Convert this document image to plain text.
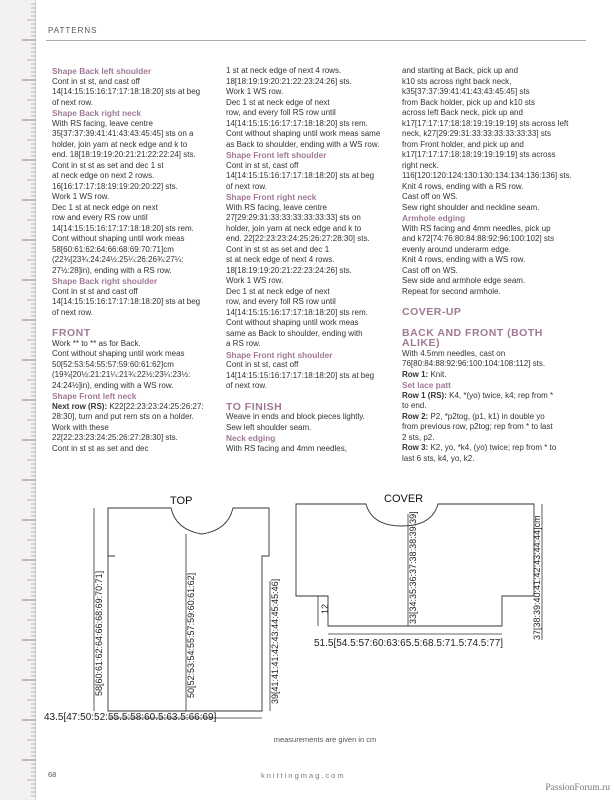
PATTERNS

Shape Back left shoulder

Cont in st st, and cast off
14[14:15:15:16:17:17:18:18:20] sts at beg
of next row.

Shape Back right neck

With RS facing, leave centre
35[37:37:39:41:41:43:43:45:45] sts on a
holder, join yarn at neck edge and k to
end. 18[18:19:19:20:21:21:22:22:24] sts.
Cont in st st as set and dec 1 st
at neck edge on next 2 rows.
16[16:17:17:18:19:19:20:20:22] sts.
Work 1 WS row.
Dec 1 st at neck edge on next
row and every RS row until
14[14:15:15:16:17:17:18:18:20] sts rem.
Cont without shaping until work meas
58[60:61:62:64:66:68:69:70:71]cm
(22¾[23¾:24:24½:25¼:26:26¾:27¼:
27½:28]in), ending with a RS row.

Shape Back right shoulder

Cont in st st and cast off
14[14:15:15:16:17:17:18:18:20] sts at beg
of next row.

FRONT

Work ** to ** as for Back.
Cont without shaping until work meas
50[52:53:54:55:57:59:60:61:62]cm
(19¾[20½:21:21¼:21¾:22½:23¼:23½:
24:24½]in), ending with a WS row.

Shape Front left neck

Next row (RS): K22[22:23:23:24:25:26:27:
28:30], turn and put rem sts on a holder.
Work with these
22[22:23:23:24:25:26:27:28:30] sts.
Cont in st st as set and dec

1 st at neck edge of next 4 rows.
18[18:19:19:20:21:22:23:24:26] sts.
Work 1 WS row.
Dec 1 st at neck edge of next
row, and every foll RS row until
14[14:15:15:16:17:17:18:18:20] sts rem.
Cont without shaping until work meas same
as Back to shoulder, ending with a WS row.

Shape Front left shoulder

Cont in st st, cast off
14[14:15:15:16:17:17:18:18:20] sts at beg
of next row.

Shape Front right neck

With RS facing, leave centre
27[29:29:31:33:33:33:33:33:33] sts on
holder, join yarn at neck edge and k to
end. 22[22:23:23:24:25:26:27:28:30] sts.
Cont in st st as set and dec 1
st at neck edge of next 4 rows.
18[18:19:19:20:21:22:23:24:26] sts.
Work 1 WS row.
Dec 1 st at neck edge of next
row, and every foll RS row until
14[14:15:15:16:17:17:18:18:20] sts rem.
Cont without shaping until work meas
same as Back to shoulder, ending with
a RS row.

Shape Front right shoulder

Cont in st st, cast off
14[14:15:15:16:17:17:18:18:20] sts at beg
of next row.

TO FINISH

Weave in ends and block pieces lightly.
Sew left shoulder seam.

Neck edging

With RS facing and 4mm needles,

and starting at Back, pick up and
k10 sts across right back neck,
k35[37:37:39:41:41:43:43:45:45] sts
from Back holder, pick up and k10 sts
across left Back neck, pick up and
k17[17:17:17:18:18:19:19:19:19] sts across left
neck, k27[29:29:31:33:33:33:33:33:33] sts
from Front holder, and pick up and
k17[17:17:17:18:18:19:19:19:19] sts across
right neck.
116[120:120:124:130:130:134:134:136:136] sts.
Knit 4 rows, ending with a RS row.
Cast off on WS.
Sew right shoulder and neckline seam.

Armhole edging

With RS facing and 4mm needles, pick up
and k72[74:76:80:84:88:92:96:100:102] sts
evenly around underarm edge.
Knit 4 rows, ending with a WS row.
Cast off on WS.
Sew side and armhole edge seam.
Repeat for second armhole.

COVER-UP

BACK AND FRONT (BOTH ALIKE)

With 4.5mm needles, cast on
76[80:84:88:92:96:100:104:108:112] sts.

Row 1: Knit.

Set lace patt

Row 1 (RS): K4, *(yo) twice, k4; rep from *
to end.

Row 2: P2, *p2tog, (p1, k1) in double yo
from previous row, p2tog; rep from * to last
2 sts, p2.

Row 3: K2, yo, *k4, (yo) twice; rep from * to
last 6 sts, k4, yo, k2.

TOP
58[60:61:62:64:66:68:69:70:71]	50[52:53:54:55:57:59:60:61:62]	39[41:41:41:42:43:44:45:45:46]
43.5[47:50:52:55.5:58:60.5:63.5:66:69]
COVER
33[34:35:36:37:38:38:39:39]
12
51.5[54.5:57:60:63:65.5:68.5:71.5:74.5:77]
37[38:39:40:41:42:43:44:44]cm
measurements are given in cm
68	knittingmag.com
PassionForum.ru
